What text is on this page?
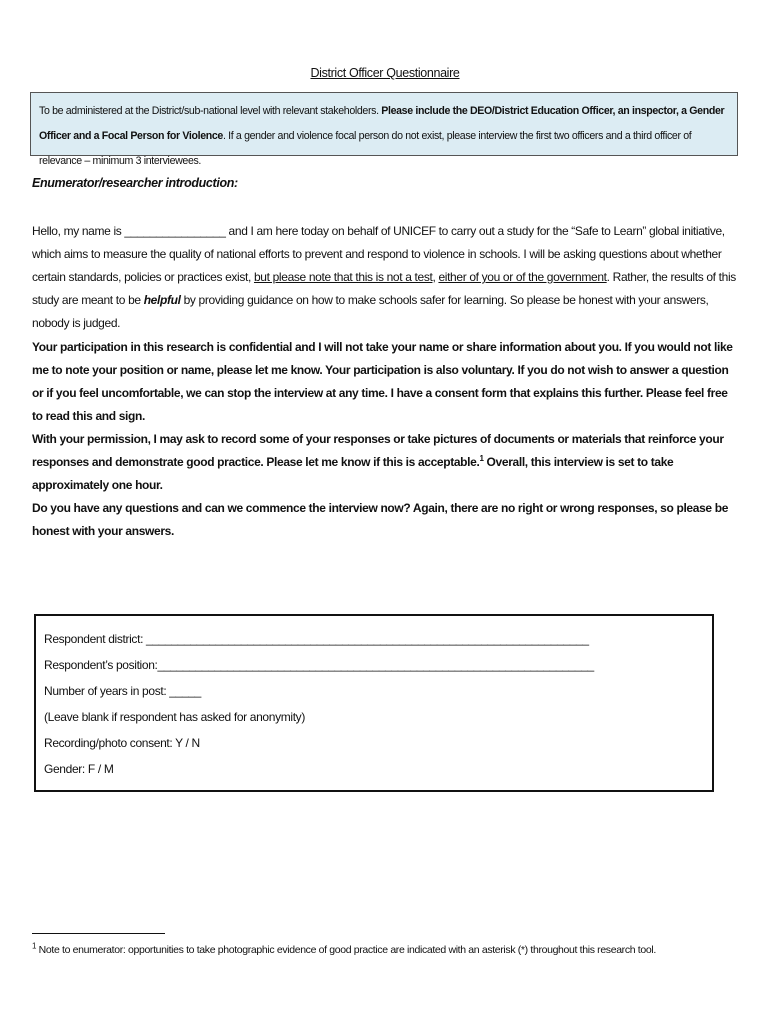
District Officer Questionnaire
To be administered at the District/sub-national level with relevant stakeholders. Please include the DEO/District Education Officer, an inspector, a Gender Officer and a Focal Person for Violence. If a gender and violence focal person do not exist, please interview the first two officers and a third officer of relevance – minimum 3 interviewees.
Enumerator/researcher introduction:
Hello, my name is ________________ and I am here today on behalf of UNICEF to carry out a study for the “Safe to Learn” global initiative, which aims to measure the quality of national efforts to prevent and respond to violence in schools. I will be asking questions about whether certain standards, policies or practices exist, but please note that this is not a test, either of you or of the government. Rather, the results of this study are meant to be helpful by providing guidance on how to make schools safer for learning. So please be honest with your answers, nobody is judged.
Your participation in this research is confidential and I will not take your name or share information about you. If you would not like me to note your position or name, please let me know. Your participation is also voluntary. If you do not wish to answer a question or if you feel uncomfortable, we can stop the interview at any time. I have a consent form that explains this further. Please feel free to read this and sign.
With your permission, I may ask to record some of your responses or take pictures of documents or materials that reinforce your responses and demonstrate good practice. Please let me know if this is acceptable.$^1$ Overall, this interview is set to take approximately one hour.
Do you have any questions and can we commence the interview now? Again, there are no right or wrong responses, so please be honest with your answers.
Respondent district: ______________________________________________________________________
Respondent’s position:_____________________________________________________________________
Number of years in post: _____
(Leave blank if respondent has asked for anonymity)
Recording/photo consent: Y / N
Gender: F / M
$^1$ Note to enumerator: opportunities to take photographic evidence of good practice are indicated with an asterisk (*) throughout this research tool.
